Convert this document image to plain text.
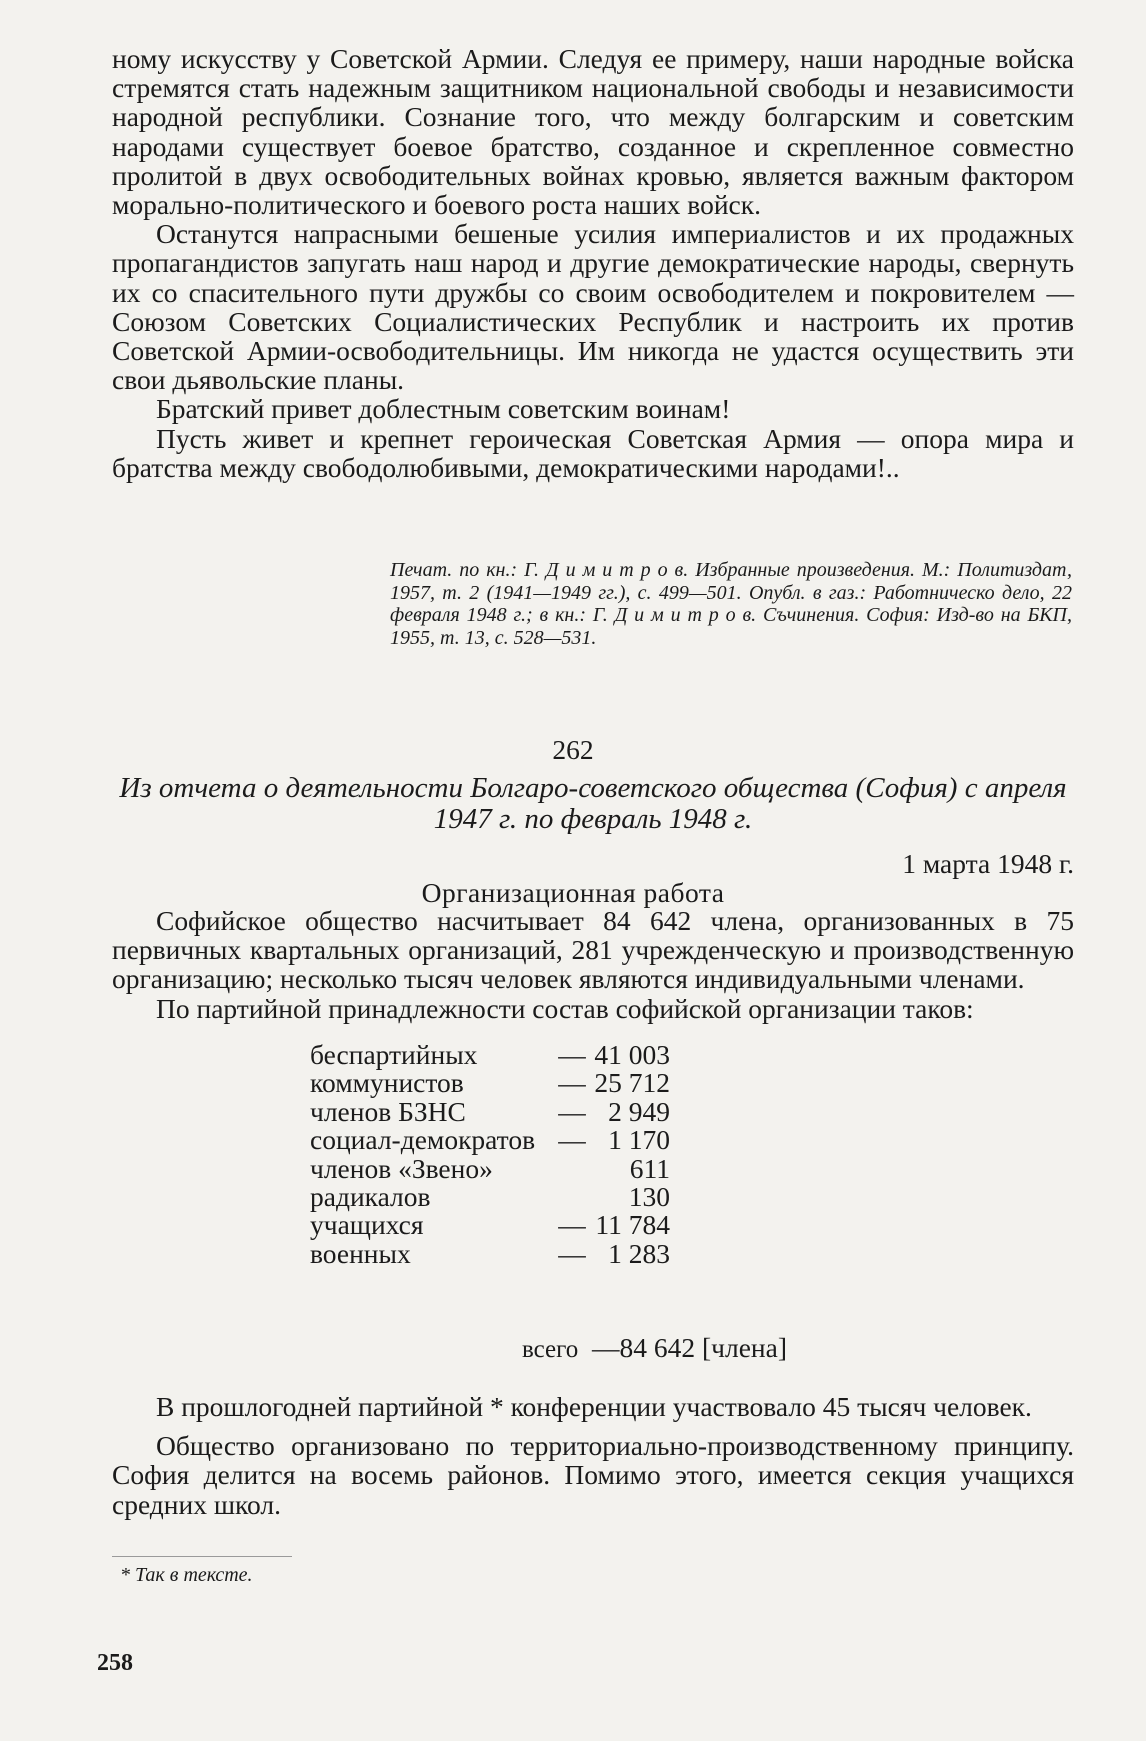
ному искусству у Советской Армии. Следуя ее примеру, наши народные войска стремятся стать надежным защитником национальной свободы и независимости народной республики. Сознание того, что между болгарским и советским народами существует боевое братство, созданное и скрепленное совместно пролитой в двух освободительных войнах кровью, является важным фактором морально-политического и боевого роста наших войск.

Останутся напрасными бешеные усилия империалистов и их продажных пропагандистов запугать наш народ и другие демократические народы, свернуть их со спасительного пути дружбы со своим освободителем и покровителем — Союзом Советских Социалистических Республик и настроить их против Советской Армии-освободительницы. Им никогда не удастся осуществить эти свои дьявольские планы.

Братский привет доблестным советским воинам!

Пусть живет и крепнет героическая Советская Армия — опора мира и братства между свободолюбивыми, демократическими народами!..

Печат. по кн.: Г. Д и м и т р о в. Избранные произведения. М.: Политиздат, 1957, т. 2 (1941—1949 гг.), с. 499—501. Опубл. в газ.: Работническо дело, 22 февраля 1948 г.; в кн.: Г. Д и м и т р о в. Съчинения. София: Изд-во на БКП, 1955, т. 13, с. 528—531.
262
Из отчета о деятельности Болгаро-советского общества (София) с апреля 1947 г. по февраль 1948 г.
1 марта 1948 г.
Организационная работа

Софийское общество насчитывает 84 642 члена, организованных в 75 первичных квартальных организаций, 281 учрежденческую и производственную организацию; несколько тысяч человек являются индивидуальными членами.

По партийной принадлежности состав софийской организации таков:

беспартийных	— 41 003
коммунистов	— 25 712
членов БЗНС	— 2 949
социал-демократов — 1 170
членов «Звено»	611
радикалов	130
учащихся	— 11 784
военных	— 1 283
всего —84 642 [члена]

В прошлогодней партийной * конференции участвовало 45 тысяч человек.

Общество организовано по территориально-производственному принципу. София делится на восемь районов. Помимо этого, имеется секция учащихся средних школ.

* Так в тексте.
258
